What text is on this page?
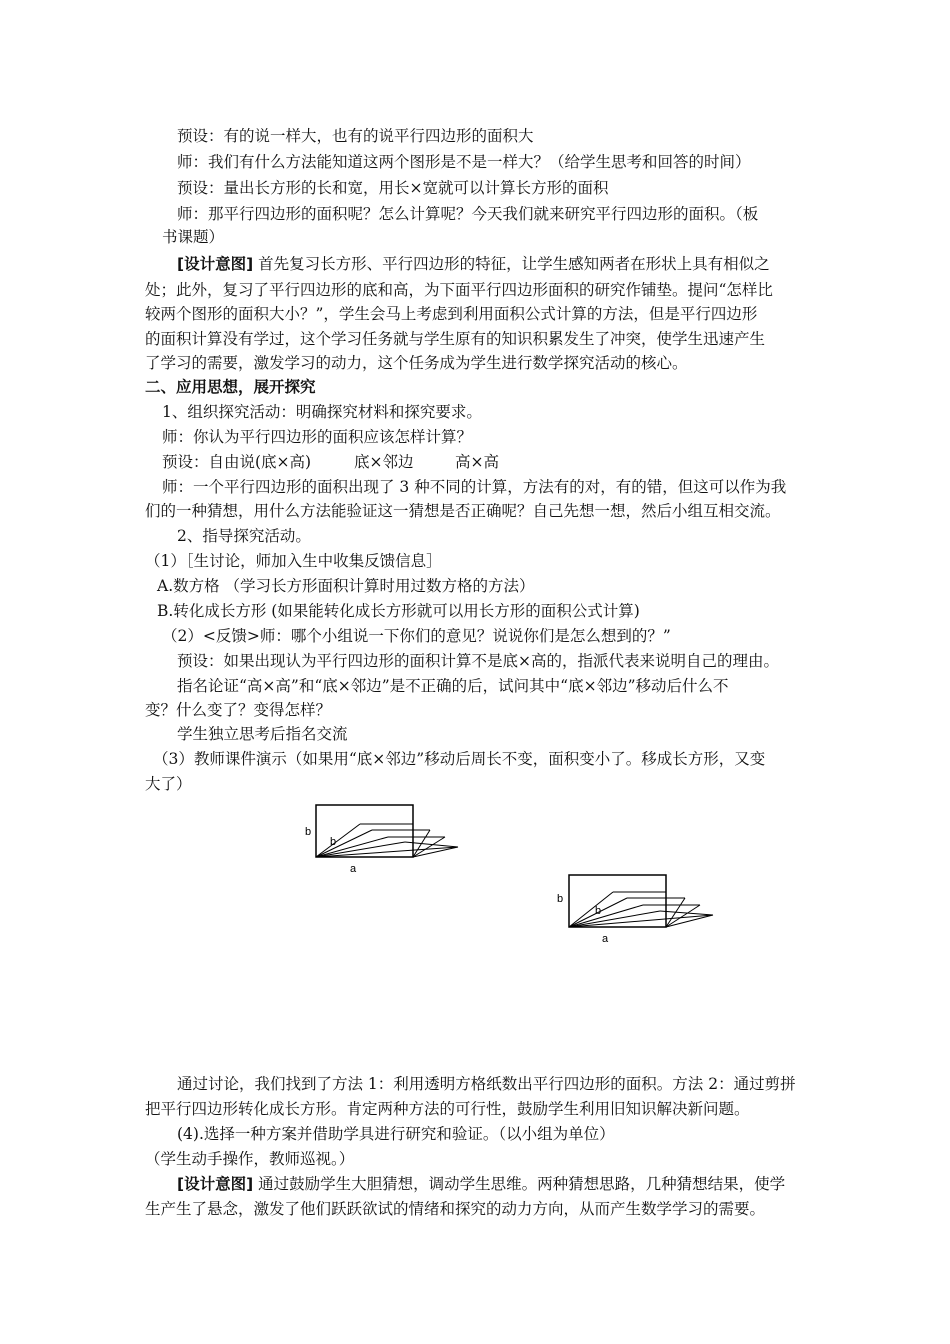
预设：有的说一样大，也有的说平行四边形的面积大
师：我们有什么方法能知道这两个图形是不是一样大？（给学生思考和回答的时间）
预设：量出长方形的长和宽，用长×宽就可以计算长方形的面积
师：那平行四边形的面积呢？怎么计算呢？今天我们就来研究平行四边形的面积。（板
书课题）
[设计意图] 首先复习长方形、平行四边形的特征，让学生感知两者在形状上具有相似之
处；此外，复习了平行四边形的底和高，为下面平行四边形面积的研究作铺垫。提问“怎样比
较两个图形的面积大小？”，学生会马上考虑到利用面积公式计算的方法，但是平行四边形
的面积计算没有学过，这个学习任务就与学生原有的知识积累发生了冲突，使学生迅速产生
了学习的需要，激发学习的动力，这个任务成为学生进行数学探究活动的核心。
二、应用思想，展开探究
1、组织探究活动：明确探究材料和探究要求。
师：你认为平行四边形的面积应该怎样计算？
预设：自由说(底×高)	底×邻边	高×高
师：一个平行四边形的面积出现了 3 种不同的计算，方法有的对，有的错，但这可以作为我
们的一种猜想，用什么方法能验证这一猜想是否正确呢？自己先想一想，然后小组互相交流。
2、指导探究活动。
（1）［生讨论，师加入生中收集反馈信息］
A.数方格 （学习长方形面积计算时用过数方格的方法）
B.转化成长方形 (如果能转化成长方形就可以用长方形的面积公式计算)
（2）<反馈>师：哪个小组说一下你们的意见？说说你们是怎么想到的？”
预设：如果出现认为平行四边形的面积计算不是底×高的，指派代表来说明自己的理由。
指名论证“高×高”和“底×邻边”是不正确的后，试问其中“底×邻边”移动后什么不
变？什么变了？变得怎样？
学生独立思考后指名交流
（3）教师课件演示（如果用“底×邻边”移动后周长不变，面积变小了。移成长方形，又变
大了）
b
b
a
b
b
a
通过讨论，我们找到了方法 1：利用透明方格纸数出平行四边形的面积。方法 2：通过剪拼
把平行四边形转化成长方形。肯定两种方法的可行性，鼓励学生利用旧知识解决新问题。
(4).选择一种方案并借助学具进行研究和验证。（以小组为单位）
（学生动手操作，教师巡视。）
[设计意图] 通过鼓励学生大胆猜想，调动学生思维。两种猜想思路，几种猜想结果，使学
生产生了悬念，激发了他们跃跃欲试的情绪和探究的动力方向，从而产生数学学习的需要。
